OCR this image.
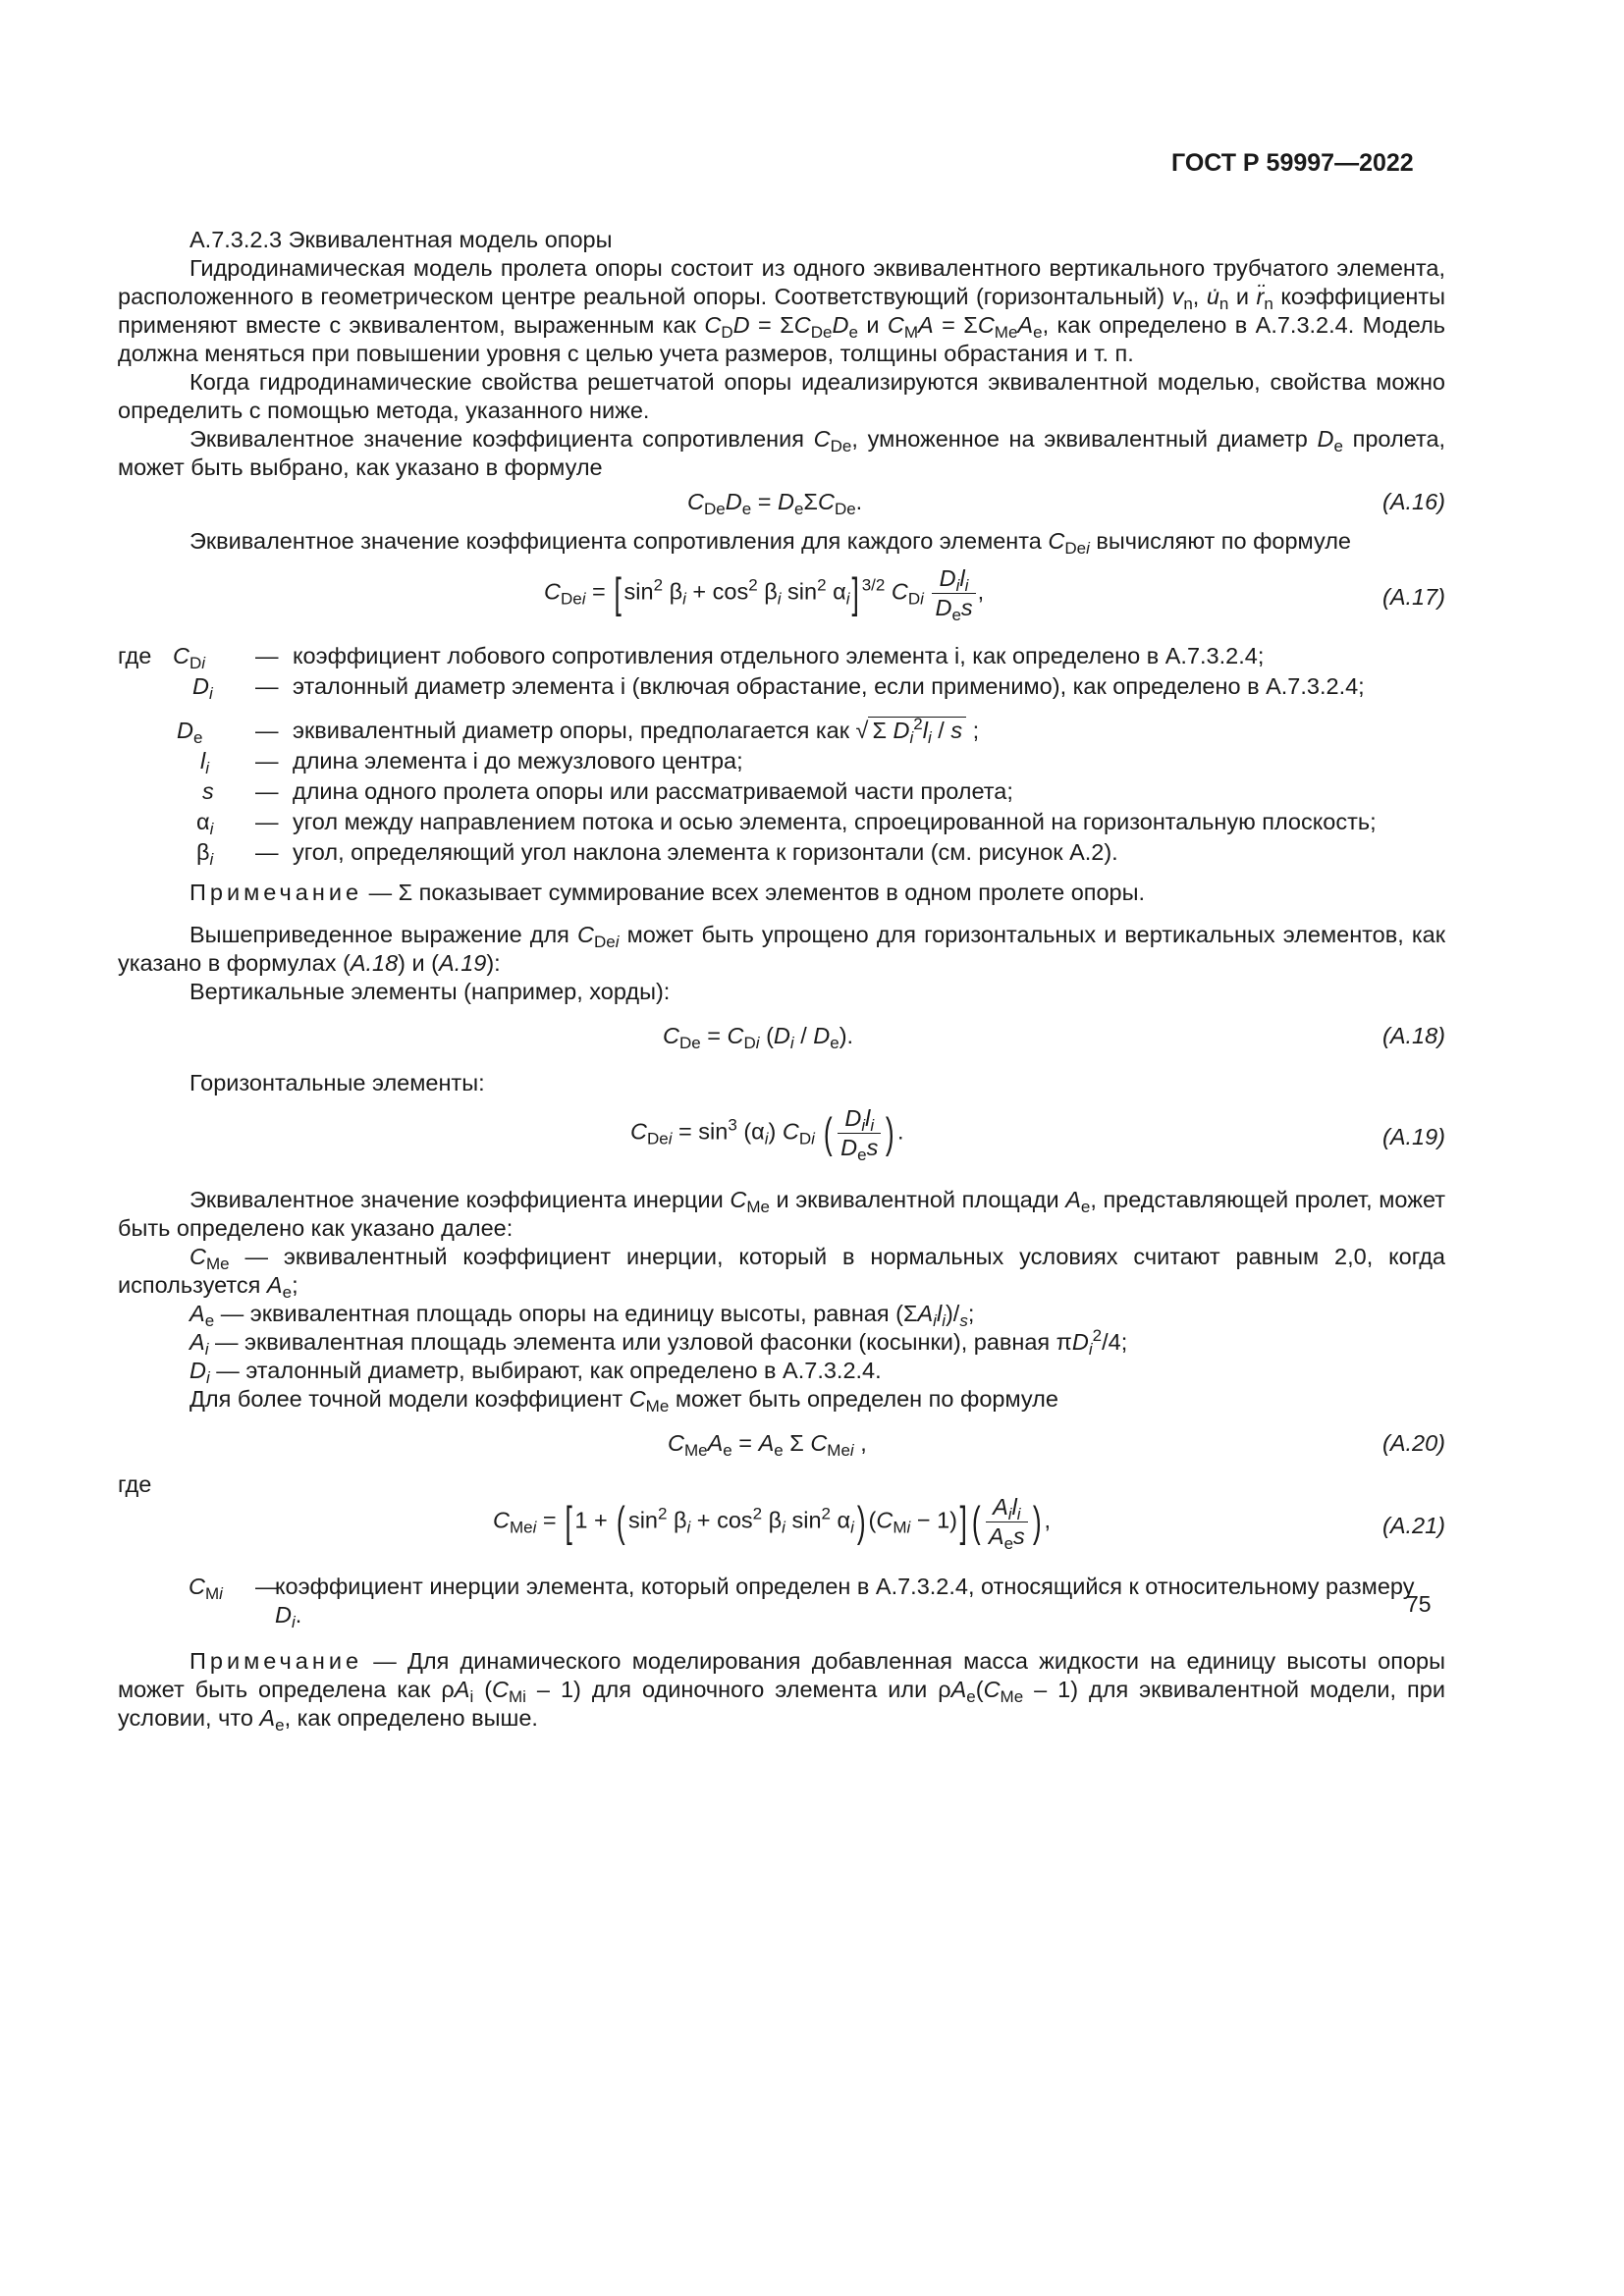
ГОСТ Р 59997—2022

А.7.3.2.3 Эквивалентная модель опоры

Гидродинамическая модель пролета опоры состоит из одного эквивалентного вертикального трубчатого элемента, расположенного в геометрическом центре реальной опоры. Соответствующий (горизонтальный) $v_n$, $u̇_n$ и $r̈_n$ коэффициенты применяют вместе с эквивалентом, выраженным как $C_DD = \Sigma C_{De}D_e$ и $C_MA = \Sigma C_{Me}A_e$, как определено в А.7.3.2.4. Модель должна меняться при повышении уровня с целью учета размеров, толщины обрастания и т. п.

Когда гидродинамические свойства решетчатой опоры идеализируются эквивалентной моделью, свойства можно определить с помощью метода, указанного ниже.

Эквивалентное значение коэффициента сопротивления $C_{De}$, умноженное на эквивалентный диаметр $D_e$ пролета, может быть выбрано, как указано в формуле

$C_{De}D_e = D_e\Sigma C_{De}$.	(A.16)

Эквивалентное значение коэффициента сопротивления для каждого элемента $C_{Dei}$ вычисляют по формуле

$C_{Dei}$ = [ $\sin^2 \beta_i + \cos^2 \beta_i$ $\sin^2 \alpha_i$] $^{3/2}$ $C_{Di} \frac{D_il_i}{D_es}$ ,	(A.17)
где $C_{Di}$ — коэффициент лобового сопротивления отдельного элемента i, как определено в А.7.3.2.4;
$D_i$ — эталонный диаметр элемента i (включая обрастание, если применимо), как определено в А.7.3.2.4;
$D_e$ — эквивалентный диаметр опоры, предполагается как √ Σ $D_i^2l_i$ / s ;
$l_i$ — длина элемента i до межузлового центра;
s — длина одного пролета опоры или рассматриваемой части пролета;
$\alpha_i$ — угол между направлением потока и осью элемента, спроецированной на горизонтальную плоскость;
$\beta_i$ — угол, определяющий угол наклона элемента к горизонтали (см. рисунок А.2).

Примечание — Σ показывает суммирование всех элементов в одном пролете опоры.

Вышеприведенное выражение для $C_{Dei}$ может быть упрощено для горизонтальных и вертикальных элементов, как указано в формулах (A.18) и (A.19):

Вертикальные элементы (например, хорды):

$C_{De} = C_{Di}$ $(D_i / D_e)$.	(A.18)

Горизонтальные элементы:

$C_{Dei} = \sin^3 (\alpha_i)$ $C_{Di}$ ( $\frac{D_il_i}{D_es}$ ) .	(A.19)

Эквивалентное значение коэффициента инерции $C_{Me}$ и эквивалентной площади $A_e$, представляющей пролет, может быть определено как указано далее:

$C_{Me}$ — эквивалентный коэффициент инерции, который в нормальных условиях считают равным 2,0, когда используется $A_e$;

$A_e$ — эквивалентная площадь опоры на единицу высоты, равная $(\Sigma A_il_i)/_s$;

$A_i$ — эквивалентная площадь элемента или узловой фасонки (косынки), равная $\pi D_i^2/4$;

$D_i$ — эталонный диаметр, выбирают, как определено в А.7.3.2.4.

Для более точной модели коэффициент $C_{Me}$ может быть определен по формуле

$C_{Me}A_e = A_e$ Σ $C_{Mei}$ ,	(A.20)
где
$C_{Mei}$ = [ 1 + ( $\sin^2 \beta_i + \cos^2 \beta_i$ $\sin^2 \alpha_i$) $(C_{Mi} - 1)$] ( $\frac{A_il_i}{A_es}$ ) ,	(A.21)
$C_{Mi}$ —
коэффициент инерции элемента, который определен в А.7.3.2.4, относящийся к относительному размеру $D_i$.

Примечание — Для динамического моделирования добавленная масса жидкости на единицу высоты опоры может быть определена как $\rho A_i$ $(C_{Mi} - 1)$ для одиночного элемента или $\rho A_e(C_{Me} - 1)$ для эквивалентной модели, при условии, что $A_e$, как определено выше.

75
